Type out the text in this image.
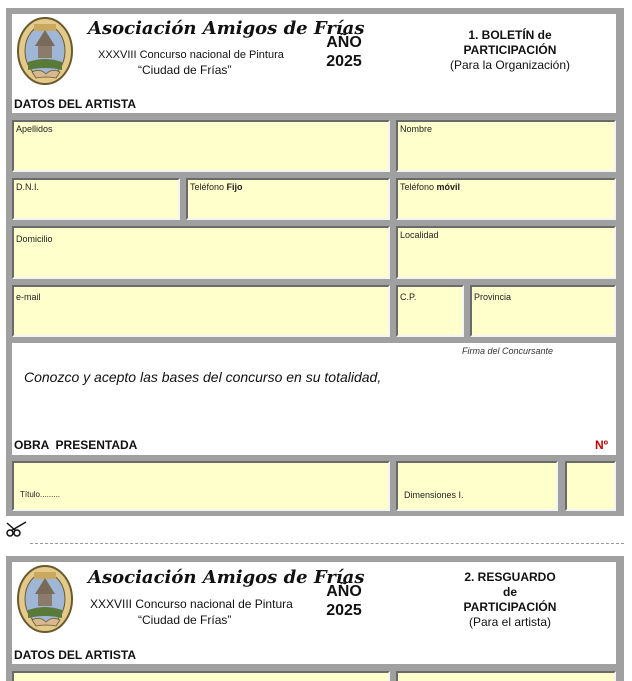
Asociación Amigos de Frías
XXXVIII Concurso nacional de Pintura
“Ciudad de Frías”
AÑO
2025
1. BOLETÍN de
PARTICIPACIÓN
(Para la Organización)
DATOS DEL ARTISTA
Apellidos	Nombre
D.N.I.	Teléfono Fijo	Teléfono móvil
Domicilio	Localidad
e-mail	C.P.	Provincia
Firma del Concursante
Conozco y acepto las bases del concurso en su totalidad,
OBRA  PRESENTADA	Nº
Título.........	Dimensiones I.
Asociación Amigos de Frías
XXXVIII Concurso nacional de Pintura
“Ciudad de Frías”
AÑO
2025
2. RESGUARDO
de
PARTICIPACIÓN
(Para el artista)
DATOS DEL ARTISTA
